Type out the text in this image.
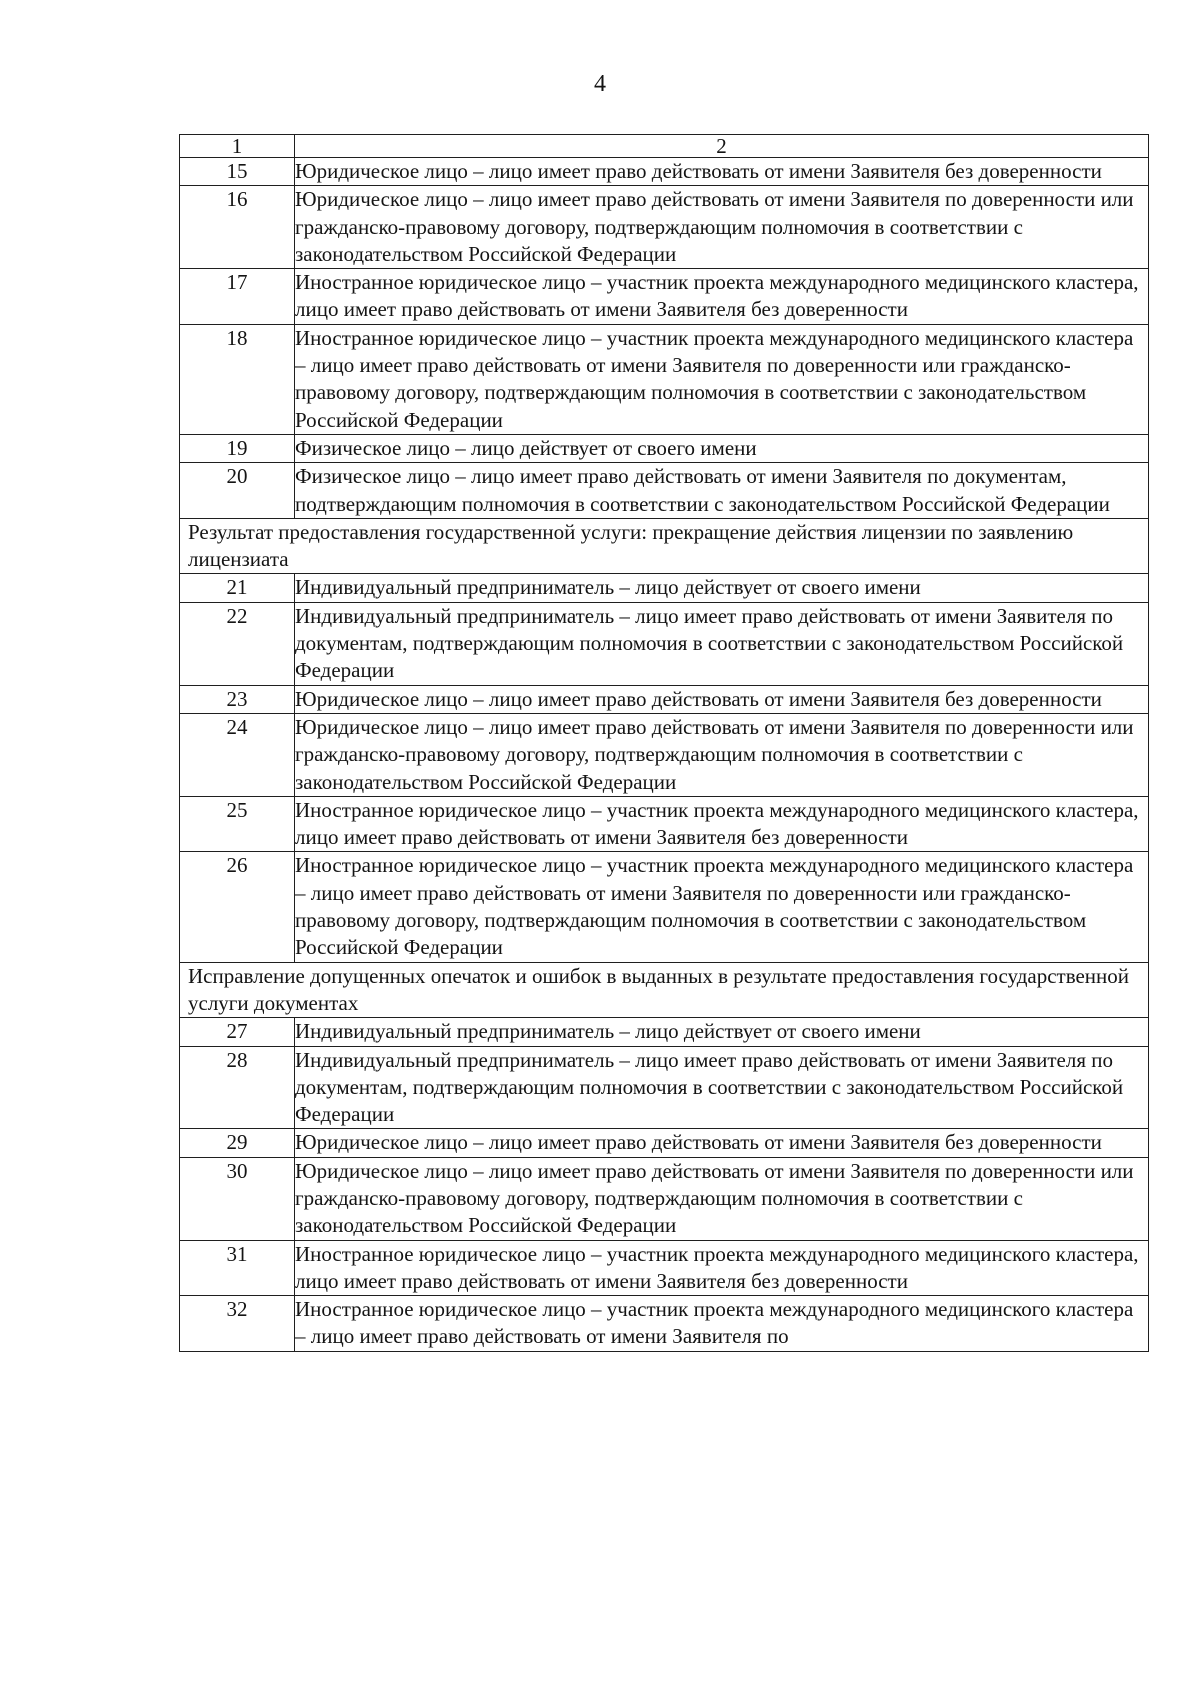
4
1	2
15	Юридическое лицо – лицо имеет право действовать от имени Заявителя без доверенности
16	Юридическое лицо – лицо имеет право действовать от имени Заявителя по доверенности или гражданско-правовому договору, подтверждающим полномочия в соответствии с законодательством Российской Федерации
17	Иностранное юридическое лицо – участник проекта международного медицинского кластера, лицо имеет право действовать от имени Заявителя без доверенности
18	Иностранное юридическое лицо – участник проекта международного медицинского кластера – лицо имеет право действовать от имени Заявителя по доверенности или гражданско-правовому договору, подтверждающим полномочия в соответствии с законодательством Российской Федерации
19	Физическое лицо – лицо действует от своего имени
20	Физическое лицо – лицо имеет право действовать от имени Заявителя по документам, подтверждающим полномочия в соответствии с законодательством Российской Федерации
Результат предоставления государственной услуги: прекращение действия лицензии по заявлению лицензиата	
21	Индивидуальный предприниматель – лицо действует от своего имени
22	Индивидуальный предприниматель – лицо имеет право действовать от имени Заявителя по документам, подтверждающим полномочия в соответствии с законодательством Российской Федерации
23	Юридическое лицо – лицо имеет право действовать от имени Заявителя без доверенности
24	Юридическое лицо – лицо имеет право действовать от имени Заявителя по доверенности или гражданско-правовому договору, подтверждающим полномочия в соответствии с законодательством Российской Федерации
25	Иностранное юридическое лицо – участник проекта международного медицинского кластера, лицо имеет право действовать от имени Заявителя без доверенности
26	Иностранное юридическое лицо – участник проекта международного медицинского кластера – лицо имеет право действовать от имени Заявителя по доверенности или гражданско-правовому договору, подтверждающим полномочия в соответствии с законодательством Российской Федерации
Исправление допущенных опечаток и ошибок в выданных в результате предоставления государственной услуги документах	
27	Индивидуальный предприниматель – лицо действует от своего имени
28	Индивидуальный предприниматель – лицо имеет право действовать от имени Заявителя по документам, подтверждающим полномочия в соответствии с законодательством Российской Федерации
29	Юридическое лицо – лицо имеет право действовать от имени Заявителя без доверенности
30	Юридическое лицо – лицо имеет право действовать от имени Заявителя по доверенности или гражданско-правовому договору, подтверждающим полномочия в соответствии с законодательством Российской Федерации
31	Иностранное юридическое лицо – участник проекта международного медицинского кластера, лицо имеет право действовать от имени Заявителя без доверенности
32	Иностранное юридическое лицо – участник проекта международного медицинского кластера – лицо имеет право действовать от имени Заявителя по
